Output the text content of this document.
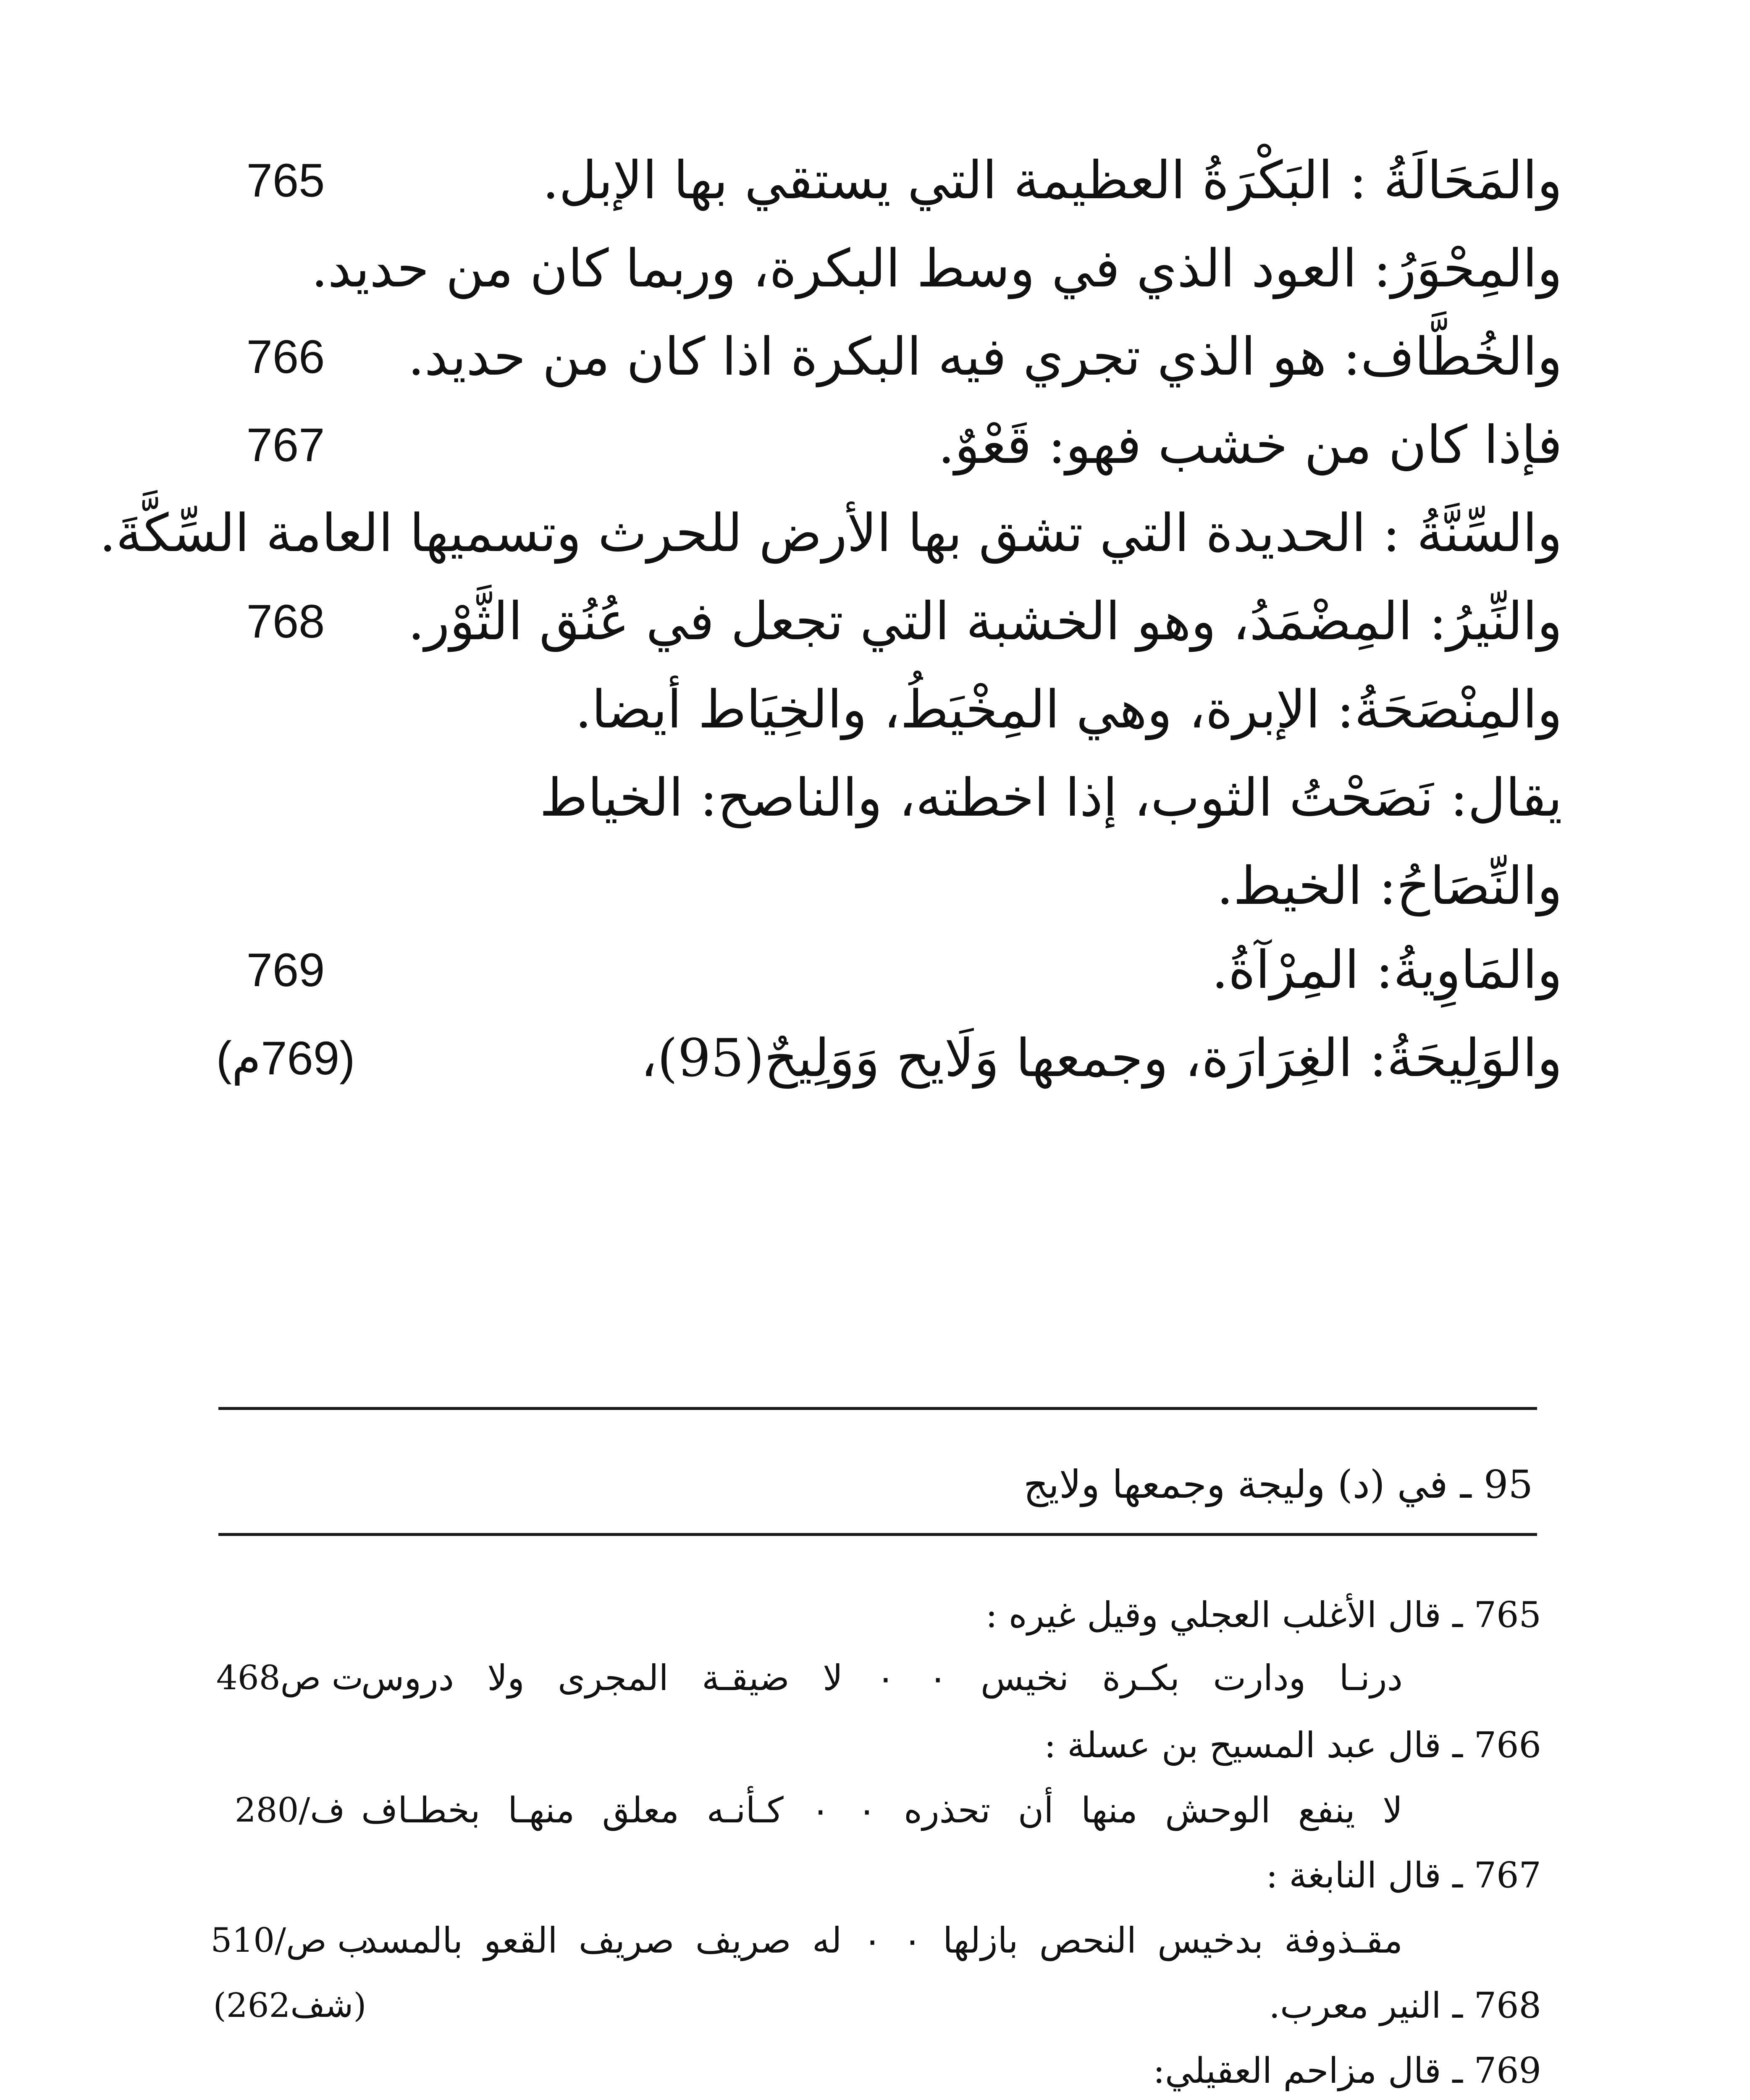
765	والمَحَالَةُ : البَكْرَةُ العظيمة التي يستقي بها الإبل.
والمِحْوَرُ: العود الذي في وسط البكرة، وربما كان من حديد.
766	والخُطَّاف: هو الذي تجري فيه البكرة اذا كان من حديد.
767	فإذا كان من خشب فهو: قَعْوٌ.
والسِّنَّةُ : الحديدة التي تشق بها الأرض للحرث وتسميها العامة السِّكَّةَ.
768	والنِّيرُ: المِضْمَدُ، وهو الخشبة التي تجعل في عُنُق الثَّوْر.
والمِنْصَحَةُ: الإبرة، وهي المِخْيَطُ، والخِيَاط أيضا.
يقال: نَصَحْتُ الثوب، إذا اخطته، والناصح: الخياط
والنِّصَاحُ: الخيط.
769	والمَاوِيةُ: المِرْآةُ.
(769م)	والوَلِيحَةُ: الغِرَارَة، وجمعها وَلَايح وَوَلِيحٌ(95)،
95 ـ في (د) وليجة وجمعها ولايج
765 ـ قال الأغلب العجلي وقيل غيره :
ت ص468
درنـا ودارت بكـرة نخيس ٠ ٠ لا ضيقـة المجرى ولا دروس
766 ـ قال عبد المسيح بن عسلة :
ف/280 لا ينفع الوحش منها أن تحذره ٠ ٠ كـأنـه معلق منهـا بخطـاف
767 ـ قال النابغة :
ب ص/510
مقـذوفة بدخيس النحص بازلها ٠ ٠ له صريف صريف القعو بالمسد
(شف262)	768 ـ النير معرب.
769 ـ قال مزاحم العقيلي:
